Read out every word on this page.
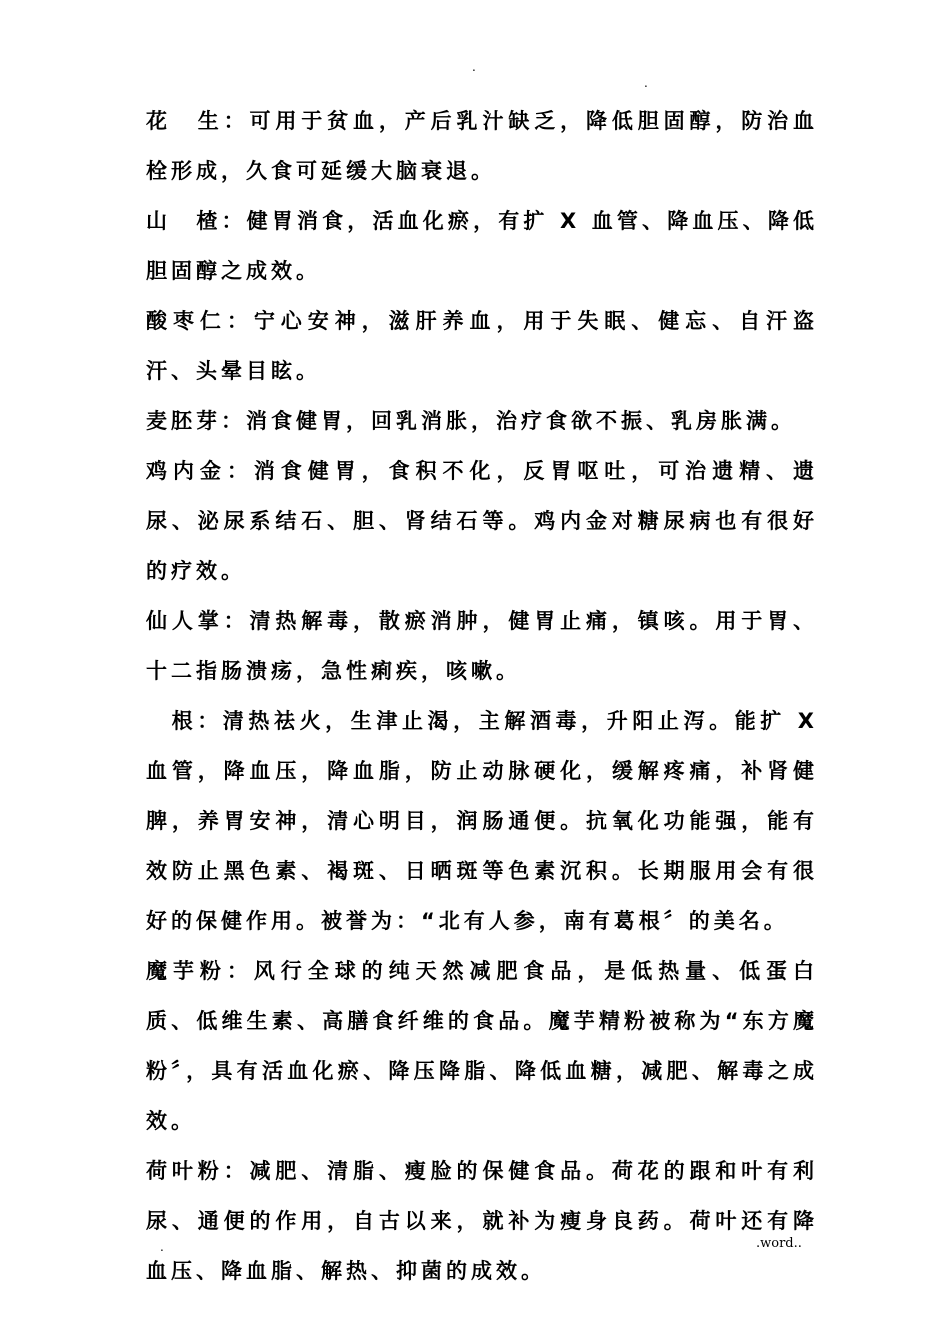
.
.

花　生：可用于贫血，产后乳汁缺乏，降低胆固醇，防治血栓形成，久食可延缓大脑衰退。

山　楂：健胃消食，活血化瘀，有扩 X 血管、降血压、降低胆固醇之成效。

酸枣仁：宁心安神，滋肝养血，用于失眠、健忘、自汗盗汗、头晕目眩。

麦胚芽：消食健胃，回乳消胀，治疗食欲不振、乳房胀满。

鸡内金：消食健胃，食积不化，反胃呕吐，可治遗精、遗尿、泌尿系结石、胆、肾结石等。鸡内金对糖尿病也有很好的疗效。

仙人掌：清热解毒，散瘀消肿，健胃止痛，镇咳。用于胃、十二指肠溃疡，急性痢疾，咳嗽。

　根：清热祛火，生津止渴，主解酒毒，升阳止泻。能扩 X 血管，降血压，降血脂，防止动脉硬化，缓解疼痛，补肾健脾，养胃安神，清心明目，润肠通便。抗氧化功能强，能有效防止黑色素、褐斑、日晒斑等色素沉积。长期服用会有很好的保健作用。被誉为：“北有人参，南有葛根〞的美名。

魔芋粉：风行全球的纯天然减肥食品，是低热量、低蛋白质、低维生素、高膳食纤维的食品。魔芋精粉被称为“东方魔粉〞，具有活血化瘀、降压降脂、降低血糖，减肥、解毒之成效。

荷叶粉：减肥、清脂、瘦脸的保健食品。荷花的跟和叶有利尿、通便的作用，自古以来，就补为瘦身良药。荷叶还有降血压、降血脂、解热、抑菌的成效。

.	.word..
